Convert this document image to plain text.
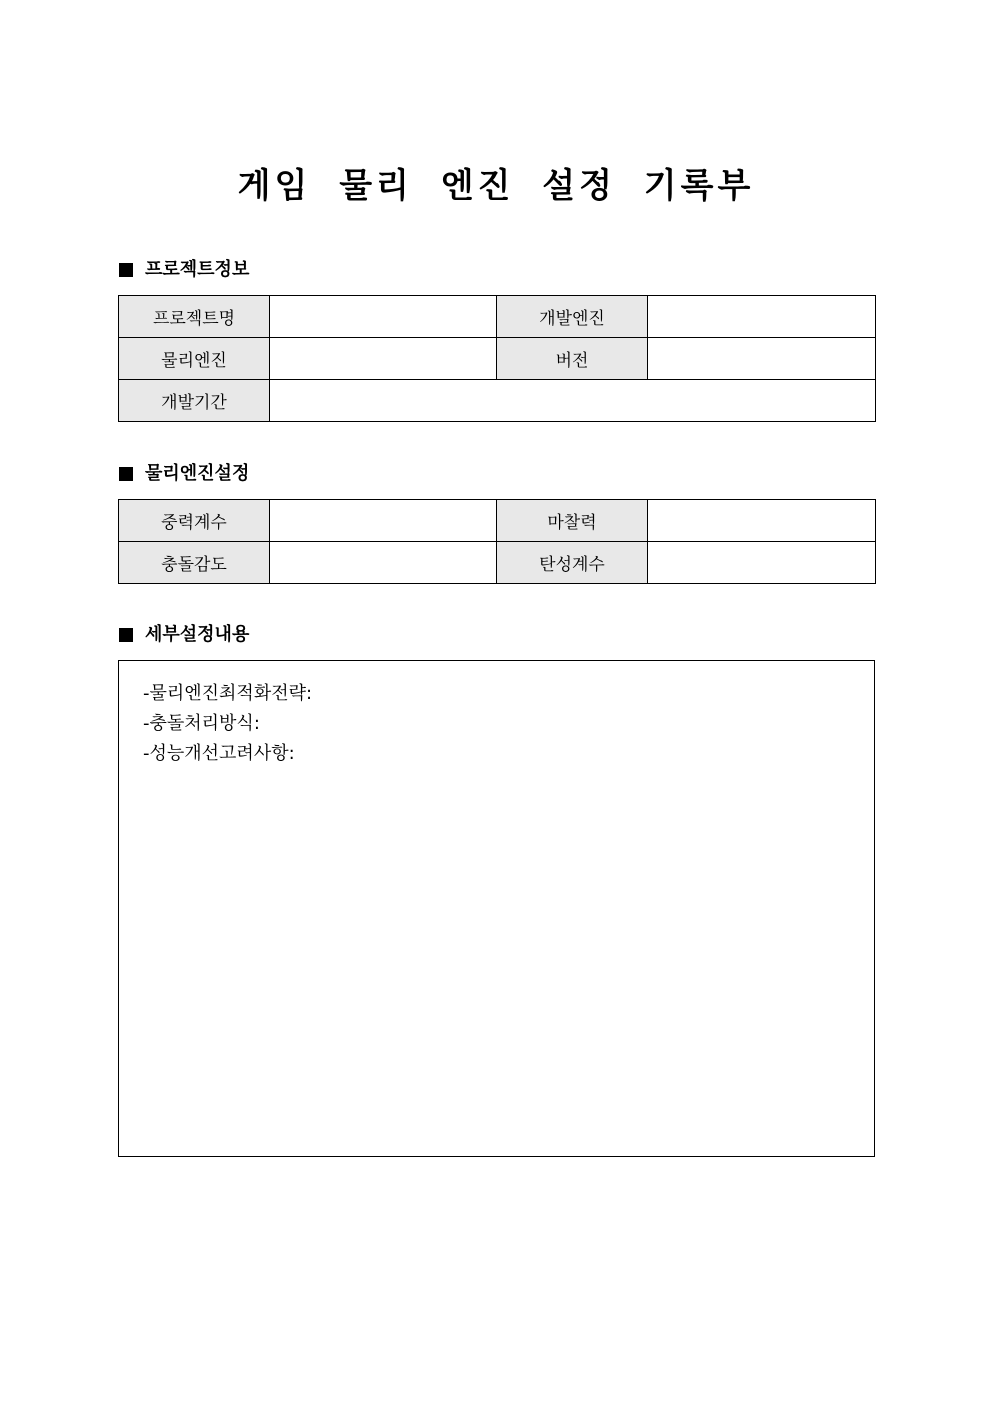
게임 물리 엔진 설정 기록부
프로젝트정보
프로젝트명		개발엔진	
물리엔진		버전	
개발기간			
물리엔진설정
중력계수		마찰력	
충돌감도		탄성계수	
세부설정내용
-물리엔진최적화전략:
-충돌처리방식:
-성능개선고려사항:
